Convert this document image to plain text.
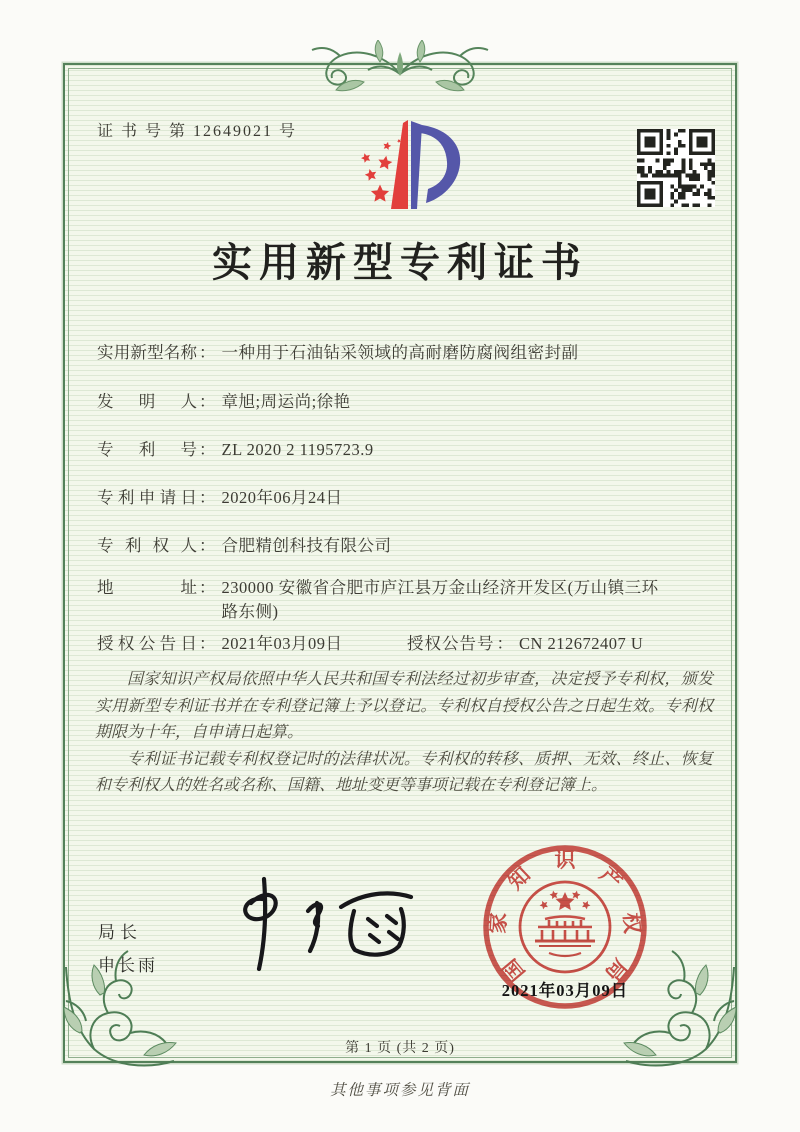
证 书 号 第 12649021 号
实用新型专利证书
实用新型名称 ： 一种用于石油钻采领域的高耐磨防腐阀组密封副
发明人 ： 章旭;周运尚;徐艳
专利号 ： ZL 2020 2 1195723.9
专利申请日 ： 2020年06月24日
专利权人 ： 合肥精创科技有限公司
地址 ： 230000 安徽省合肥市庐江县万金山经济开发区(万山镇三环路东侧)
授权公告日 ： 2021年03月09日	授权公告号 ： CN 212672407 U

国家知识产权局依照中华人民共和国专利法经过初步审查，决定授予专利权，颁发实用新型专利证书并在专利登记簿上予以登记。专利权自授权公告之日起生效。专利权期限为十年，自申请日起算。

专利证书记载专利权登记时的法律状况。专利权的转移、质押、无效、终止、恢复和专利权人的姓名或名称、国籍、地址变更等事项记载在专利登记簿上。

局长
申长雨	国
家
知
识
产
权
局
2021年03月09日
第 1 页 (共 2 页)
其他事项参见背面
